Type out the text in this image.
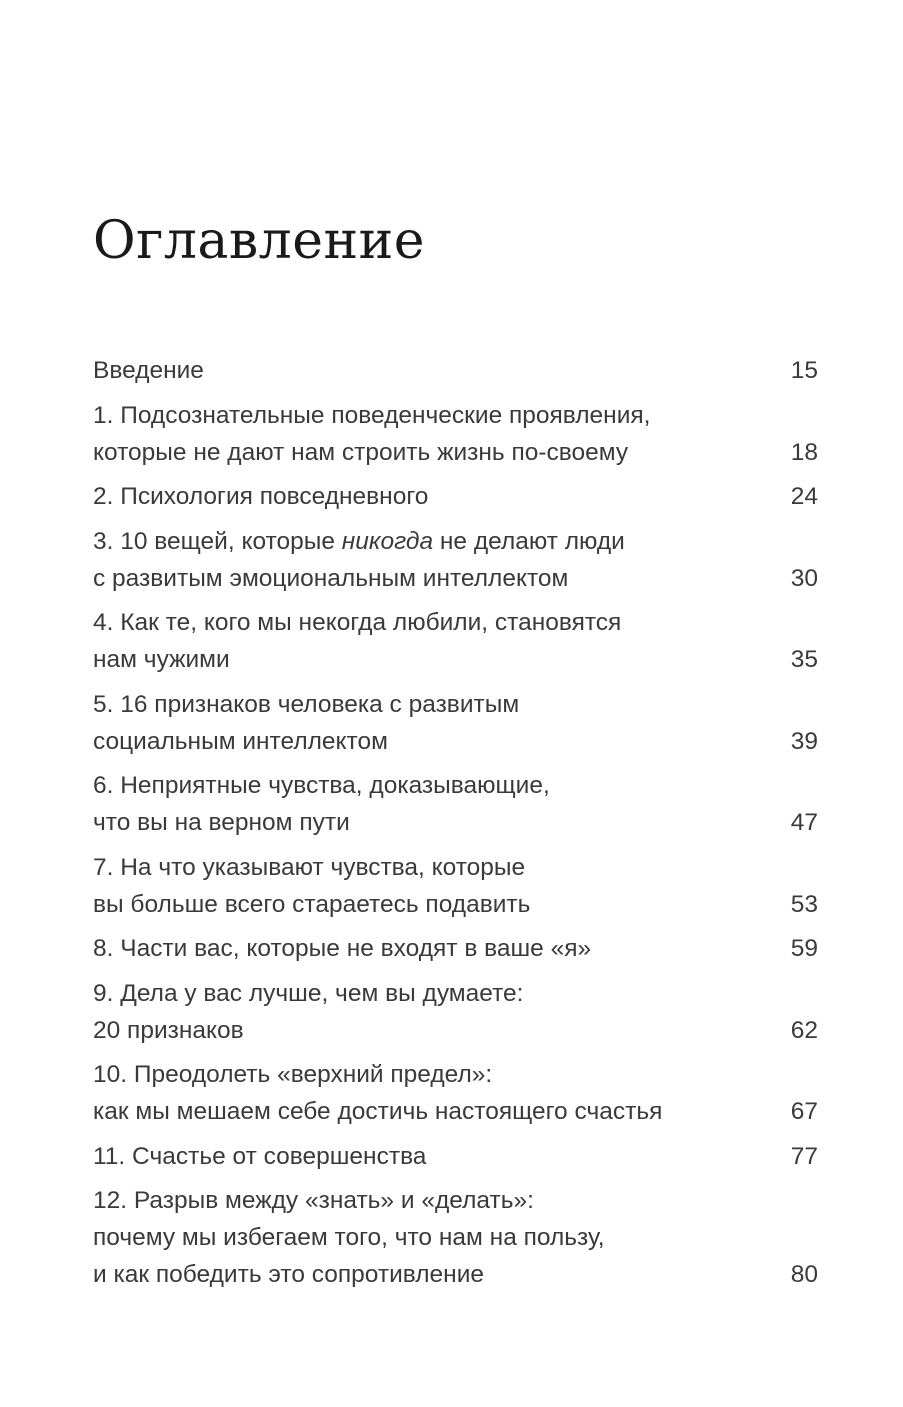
Оглавление
Введение	15
1. Подсознательные поведенческие проявления,
которые не дают нам строить жизнь по-своему	18
2. Психология повседневного	24
3. 10 вещей, которые никогда не делают люди
с развитым эмоциональным интеллектом	30
4. Как те, кого мы некогда любили, становятся
нам чужими	35
5. 16 признаков человека с развитым
социальным интеллектом	39
6. Неприятные чувства, доказывающие,
что вы на верном пути	47
7. На что указывают чувства, которые
вы больше всего стараетесь подавить	53
8. Части вас, которые не входят в ваше «я»	59
9. Дела у вас лучше, чем вы думаете:
20 признаков	62
10. Преодолеть «верхний предел»:
как мы мешаем себе достичь настоящего счастья	67
11. Счастье от совершенства	77
12. Разрыв между «знать» и «делать»:
почему мы избегаем того, что нам на пользу,
и как победить это сопротивление	80
